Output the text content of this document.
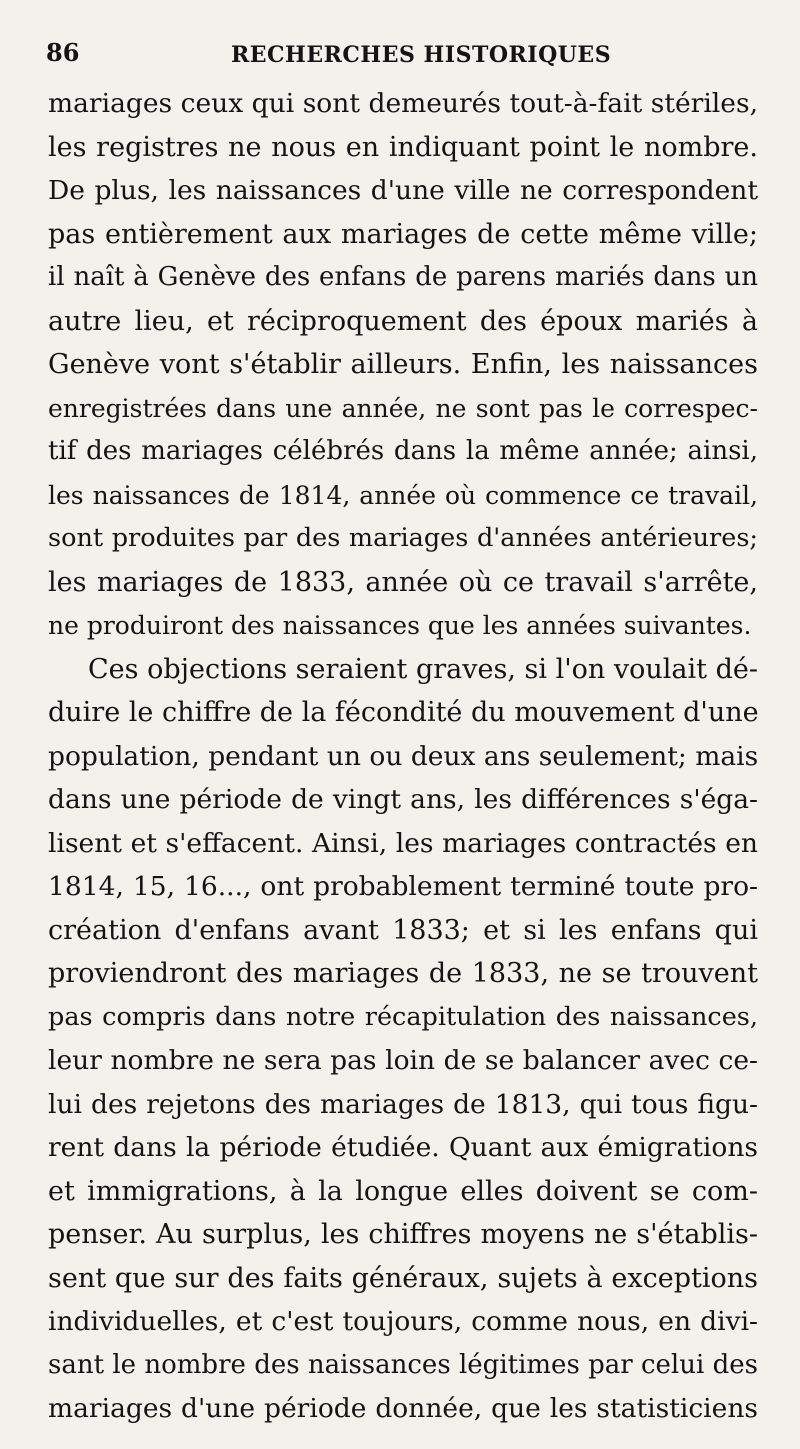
86	RECHERCHES HISTORIQUES
mariages ceux qui sont demeurés tout-à-fait stériles,
les registres ne nous en indiquant point le nombre.
De plus, les naissances d'une ville ne correspondent
pas entièrement aux mariages de cette même ville;
il naît à Genève des enfans de parens mariés dans un
autre lieu, et réciproquement des époux mariés à
Genève vont s'établir ailleurs. Enfin, les naissances
enregistrées dans une année, ne sont pas le correspec-
tif des mariages célébrés dans la même année; ainsi,
les naissances de 1814, année où commence ce travail,
sont produites par des mariages d'années antérieures;
les mariages de 1833, année où ce travail s'arrête,
ne produiront des naissances que les années suivantes.
Ces objections seraient graves, si l'on voulait dé-
duire le chiffre de la fécondité du mouvement d'une
population, pendant un ou deux ans seulement; mais
dans une période de vingt ans, les différences s'éga-
lisent et s'effacent. Ainsi, les mariages contractés en
1814, 15, 16..., ont probablement terminé toute pro-
création d'enfans avant 1833; et si les enfans qui
proviendront des mariages de 1833, ne se trouvent
pas compris dans notre récapitulation des naissances,
leur nombre ne sera pas loin de se balancer avec ce-
lui des rejetons des mariages de 1813, qui tous figu-
rent dans la période étudiée. Quant aux émigrations
et immigrations, à la longue elles doivent se com-
penser. Au surplus, les chiffres moyens ne s'établis-
sent que sur des faits généraux, sujets à exceptions
individuelles, et c'est toujours, comme nous, en divi-
sant le nombre des naissances légitimes par celui des
mariages d'une période donnée, que les statisticiens
